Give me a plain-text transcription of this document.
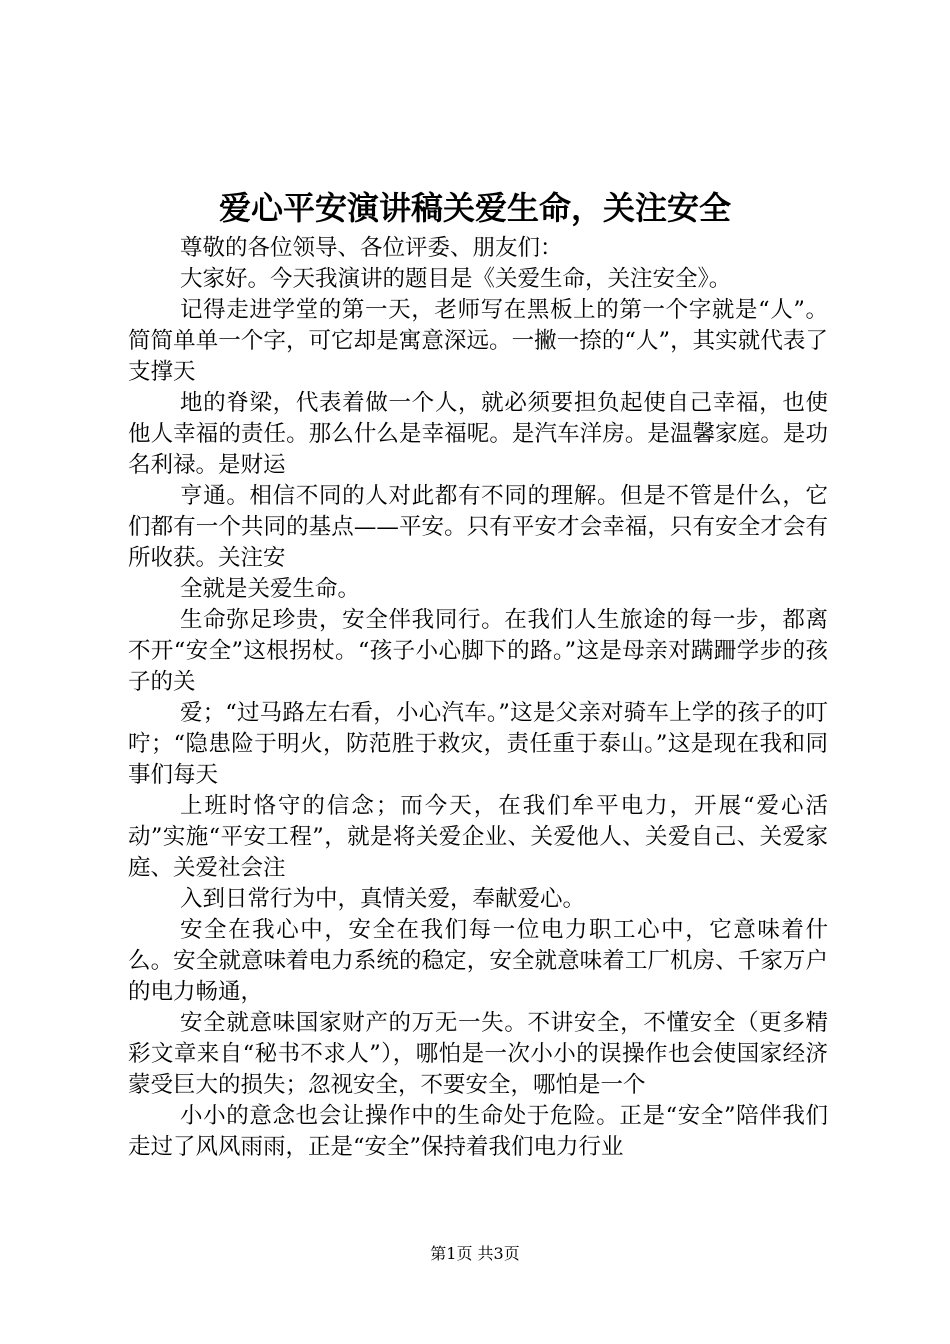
爱心平安演讲稿关爱生命，关注安全

尊敬的各位领导、各位评委、朋友们：

大家好。今天我演讲的题目是《关爱生命，关注安全》。

记得走进学堂的第一天，老师写在黑板上的第一个字就是“人”。简简单单一个字，可它却是寓意深远。一撇一捺的“人”，其实就代表了支撑天

地的脊梁，代表着做一个人，就必须要担负起使自己幸福，也使他人幸福的责任。那么什么是幸福呢。是汽车洋房。是温馨家庭。是功名利禄。是财运

亨通。相信不同的人对此都有不同的理解。但是不管是什么，它们都有一个共同的基点——平安。只有平安才会幸福，只有安全才会有所收获。关注安

全就是关爱生命。

生命弥足珍贵，安全伴我同行。在我们人生旅途的每一步，都离不开“安全”这根拐杖。“孩子小心脚下的路。”这是母亲对蹒跚学步的孩子的关

爱；“过马路左右看，小心汽车。”这是父亲对骑车上学的孩子的叮咛；“隐患险于明火，防范胜于救灾，责任重于泰山。”这是现在我和同事们每天

上班时恪守的信念；而今天，在我们牟平电力，开展“爱心活动”实施“平安工程”，就是将关爱企业、关爱他人、关爱自己、关爱家庭、关爱社会注

入到日常行为中，真情关爱，奉献爱心。

安全在我心中，安全在我们每一位电力职工心中，它意味着什么。安全就意味着电力系统的稳定，安全就意味着工厂机房、千家万户的电力畅通，

安全就意味国家财产的万无一失。不讲安全，不懂安全（更多精彩文章来自“秘书不求人”），哪怕是一次小小的误操作也会使国家经济蒙受巨大的损失；忽视安全，不要安全，哪怕是一个

小小的意念也会让操作中的生命处于危险。正是“安全”陪伴我们走过了风风雨雨，正是“安全”保持着我们电力行业

第1页 共3页
